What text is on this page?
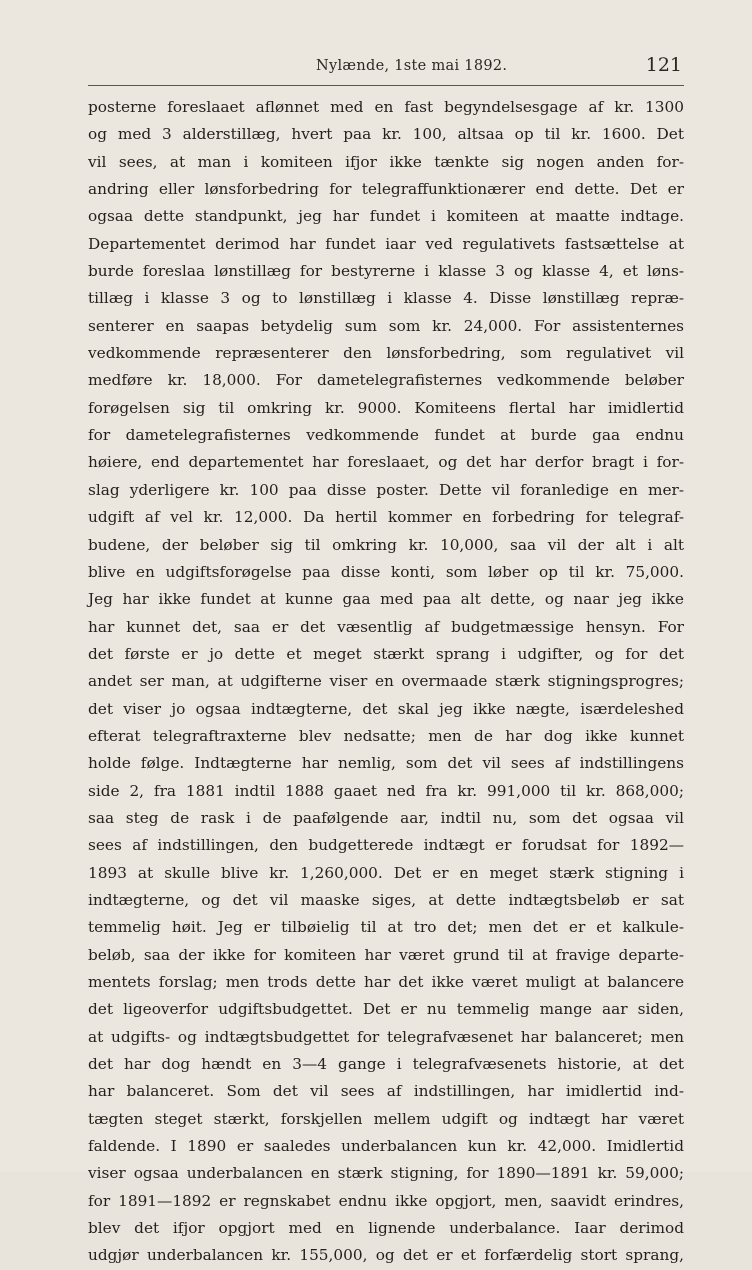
Nylænde, 1ste mai 1892.	121
posterne foreslaaet aflønnet med en fast begyndelsesgage af kr. 1300
og med 3 alderstillæg, hvert paa kr. 100, altsaa op til kr. 1600. Det
vil sees, at man i komiteen ifjor ikke tænkte sig nogen anden for-
andring eller lønsforbedring for telegraffunktionærer end dette. Det er
ogsaa dette standpunkt, jeg har fundet i komiteen at maatte indtage.
Departementet derimod har fundet iaar ved regulativets fastsættelse at
burde foreslaa lønstillæg for bestyrerne i klasse 3 og klasse 4, et løns-
tillæg i klasse 3 og to lønstillæg i klasse 4. Disse lønstillæg repræ-
senterer en saapas betydelig sum som kr. 24,000. For assistenternes
vedkommende repræsenterer den lønsforbedring, som regulativet vil
medføre kr. 18,000. For dametelegrafisternes vedkommende beløber
forøgelsen sig til omkring kr. 9000. Komiteens flertal har imidlertid
for dametelegrafisternes vedkommende fundet at burde gaa endnu
høiere, end departementet har foreslaaet, og det har derfor bragt i for-
slag yderligere kr. 100 paa disse poster. Dette vil foranledige en mer-
udgift af vel kr. 12,000. Da hertil kommer en forbedring for telegraf-
budene, der beløber sig til omkring kr. 10,000, saa vil der alt i alt
blive en udgiftsforøgelse paa disse konti, som løber op til kr. 75,000.
Jeg har ikke fundet at kunne gaa med paa alt dette, og naar jeg ikke
har kunnet det, saa er det væsentlig af budgetmæssige hensyn. For
det første er jo dette et meget stærkt sprang i udgifter, og for det
andet ser man, at udgifterne viser en overmaade stærk stigningsprogres;
det viser jo ogsaa indtægterne, det skal jeg ikke nægte, isærdeleshed
efterat telegraftraxterne blev nedsatte; men de har dog ikke kunnet
holde følge. Indtægterne har nemlig, som det vil sees af indstillingens
side 2, fra 1881 indtil 1888 gaaet ned fra kr. 991,000 til kr. 868,000;
saa steg de rask i de paafølgende aar, indtil nu, som det ogsaa vil
sees af indstillingen, den budgetterede indtægt er forudsat for 1892—
1893 at skulle blive kr. 1,260,000. Det er en meget stærk stigning i
indtægterne, og det vil maaske siges, at dette indtægtsbeløb er sat
temmelig høit. Jeg er tilbøielig til at tro det; men det er et kalkule-
beløb, saa der ikke for komiteen har været grund til at fravige departe-
mentets forslag; men trods dette har det ikke været muligt at balancere
det ligeoverfor udgiftsbudgettet. Det er nu temmelig mange aar siden,
at udgifts- og indtægtsbudgettet for telegrafvæsenet har balanceret; men
det har dog hændt en 3—4 gange i telegrafvæsenets historie, at det
har balanceret. Som det vil sees af indstillingen, har imidlertid ind-
tægten steget stærkt, forskjellen mellem udgift og indtægt har været
faldende. I 1890 er saaledes underbalancen kun kr. 42,000. Imidlertid
viser ogsaa underbalancen en stærk stigning, for 1890—1891 kr. 59,000;
for 1891—1892 er regnskabet endnu ikke opgjort, men, saavidt erindres,
blev det ifjor opgjort med en lignende underbalance. Iaar derimod
udgjør underbalancen kr. 155,000, og det er et forfærdelig stort sprang,
